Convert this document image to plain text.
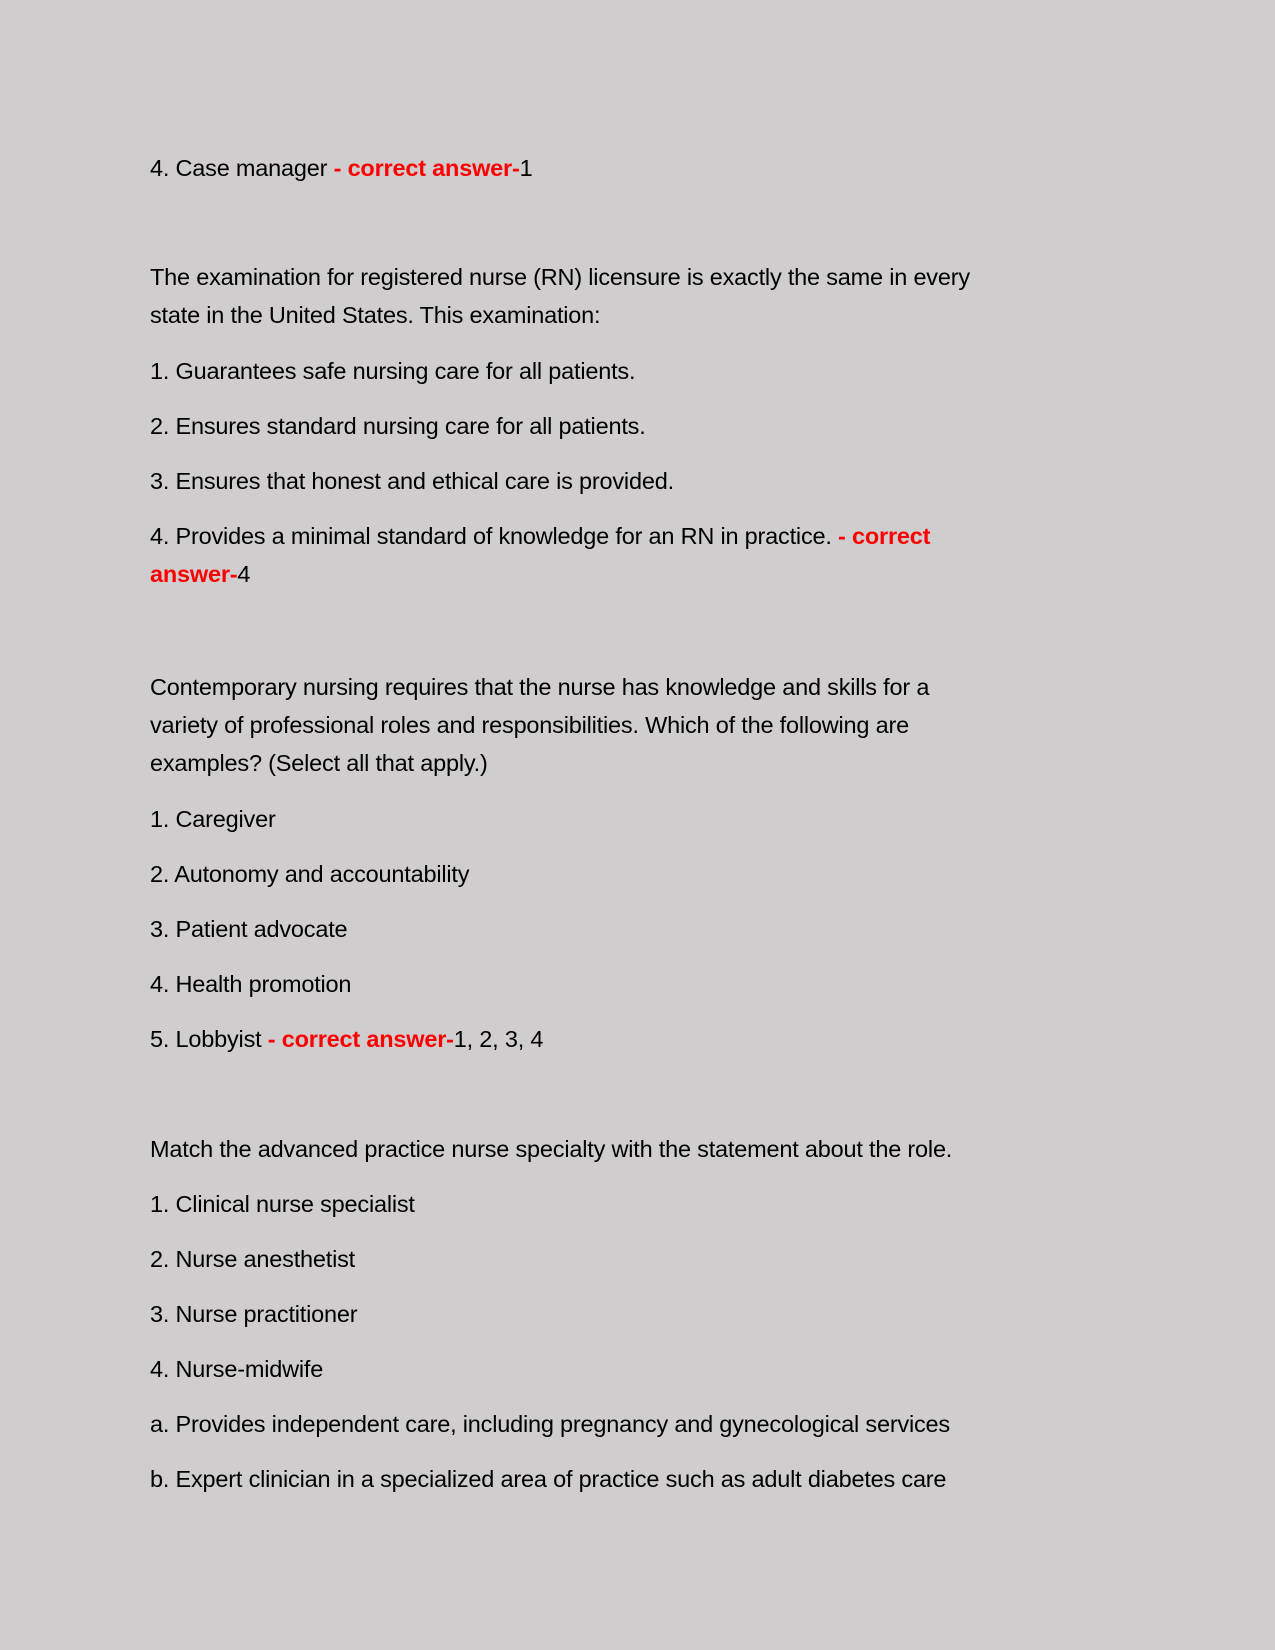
4. Case manager - correct answer-1
The examination for registered nurse (RN) licensure is exactly the same in every
state in the United States. This examination:
1. Guarantees safe nursing care for all patients.
2. Ensures standard nursing care for all patients.
3. Ensures that honest and ethical care is provided.
4. Provides a minimal standard of knowledge for an RN in practice. - correct
answer-4
Contemporary nursing requires that the nurse has knowledge and skills for a
variety of professional roles and responsibilities. Which of the following are
examples? (Select all that apply.)
1. Caregiver
2. Autonomy and accountability
3. Patient advocate
4. Health promotion
5. Lobbyist - correct answer-1, 2, 3, 4
Match the advanced practice nurse specialty with the statement about the role.
1. Clinical nurse specialist
2. Nurse anesthetist
3. Nurse practitioner
4. Nurse-midwife
a. Provides independent care, including pregnancy and gynecological services
b. Expert clinician in a specialized area of practice such as adult diabetes care
